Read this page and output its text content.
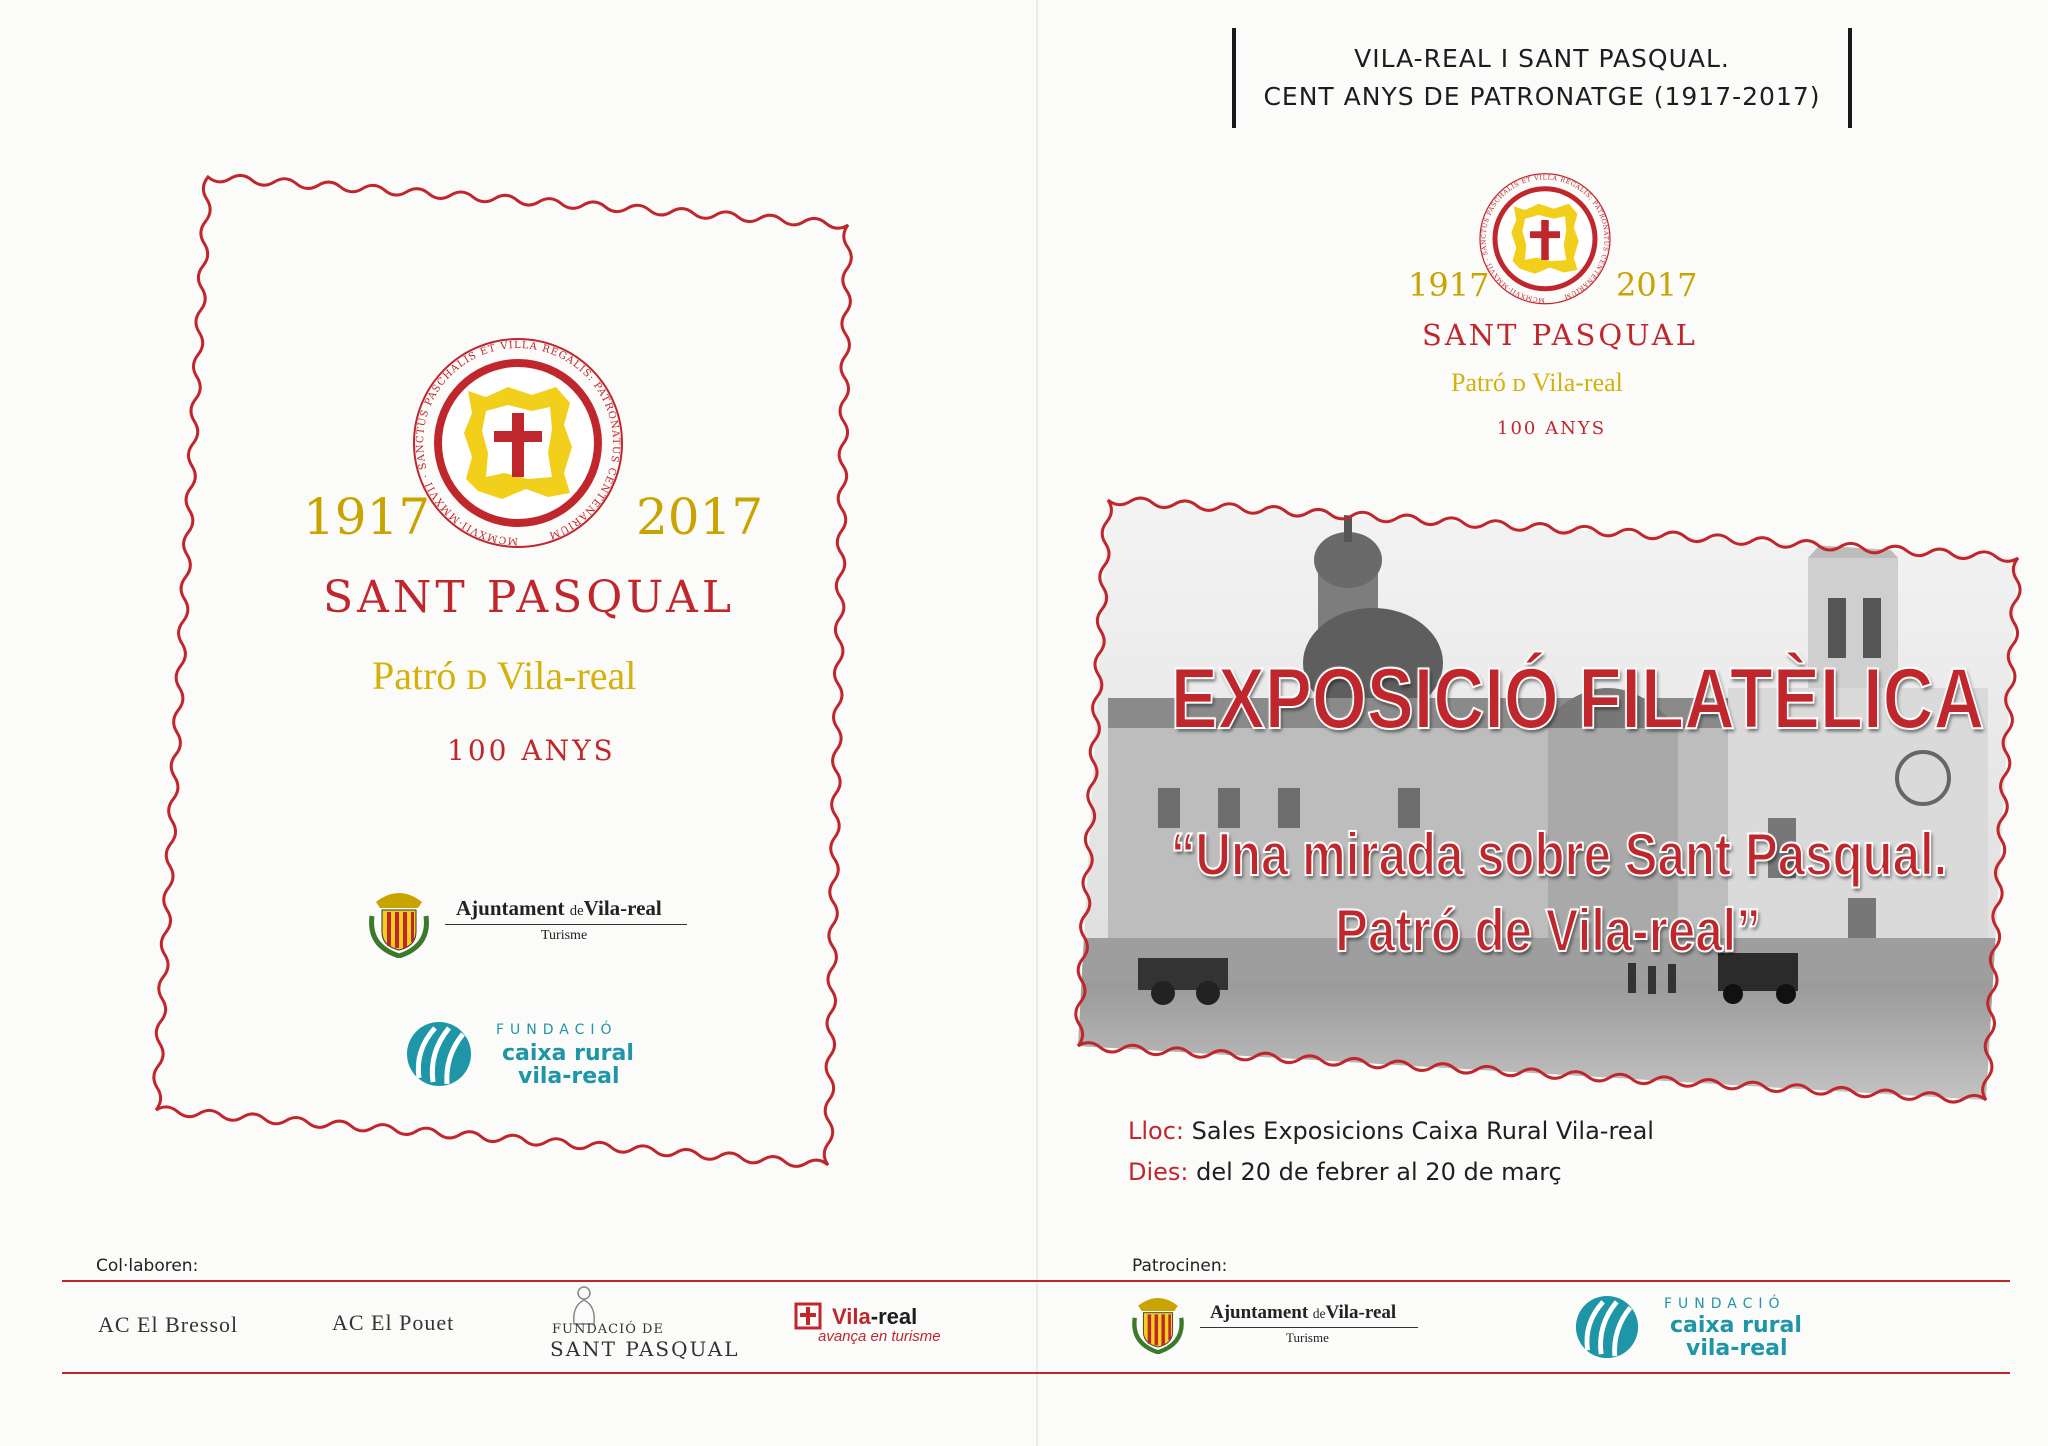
MCMXVII·MMXVII · SANCTUS PASCHALIS ET VILLA REGALIS: PATRONATUS CENTENARIUM
1917	2017
SANT PASQUAL
Patró ᴅ Vila-real
100 ANYS
Ajuntament deVila-real
Turisme
FUNDACIÓ
caixa rural
vila-real
VILA-REAL I SANT PASQUAL.
CENT ANYS DE PATRONATGE (1917-2017)
MCMXVII·MMXVII · SANCTUS PASCHALIS ET VILLA REGALIS: PATRONATUS CENTENARIUM
1917	2017
SANT PASQUAL
Patró ᴅ Vila-real
100 ANYS
EXPOSICIÓ FILATÈLICA
“Una mirada sobre Sant Pasqual.
Patró de Vila-real”
Lloc: Sales Exposicions Caixa Rural Vila-real
Dies: del 20 de febrer al 20 de març
Col·laboren:	Patrocinen:
AC El Bressol	AC El Pouet	FUNDACIÓ DE
SANT PASQUAL
Vila-real
avança en turisme
Ajuntament deVila-real
Turisme
FUNDACIÓ
caixa rural
vila-real
